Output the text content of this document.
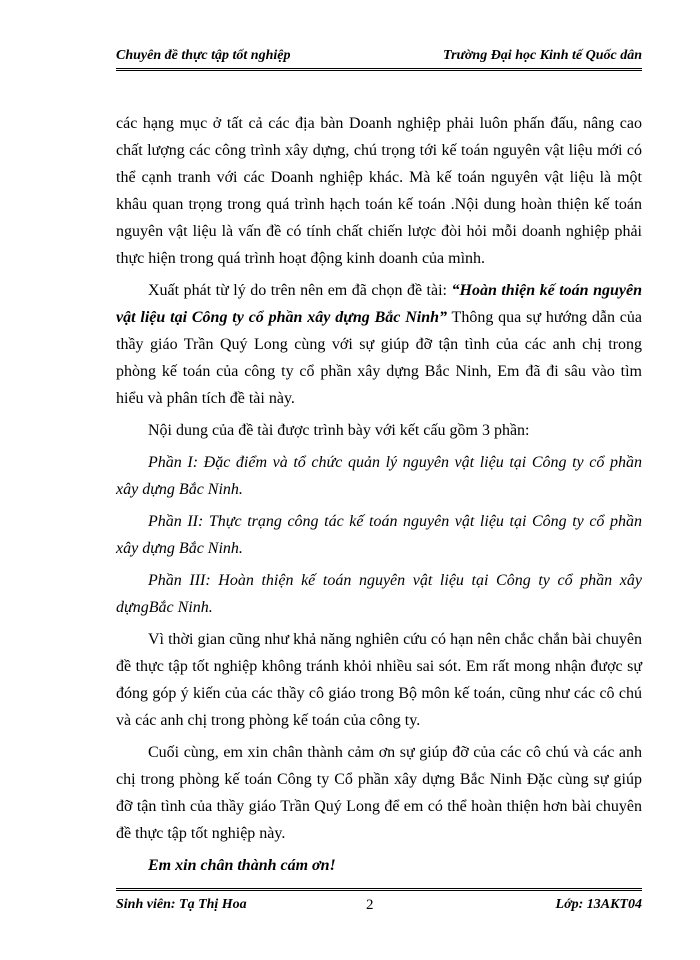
Chuyên đề thực tập tốt nghiệp	Trường Đại học Kinh tế Quốc dân

các hạng mục ở tất cả các địa bàn Doanh nghiệp phải luôn phấn đấu, nâng cao chất lượng các công trình xây dựng, chú trọng tới kế toán nguyên vật liệu mới có thể cạnh tranh với các Doanh nghiệp khác. Mà kế toán nguyên vật liệu là một khâu quan trọng trong quá trình hạch toán kế toán .Nội dung hoàn thiện kế toán nguyên vật liệu là vấn đề có tính chất chiến lược đòi hỏi mỗi doanh nghiệp phải thực hiện trong quá trình hoạt động kinh doanh của mình.

Xuất phát từ lý do trên nên em đã chọn đề tài: “Hoàn thiện kế toán nguyên vật liệu tại Công ty cổ phần xây dựng Bắc Ninh” Thông qua sự hướng dẫn của thầy giáo Trần Quý Long cùng với sự giúp đỡ tận tình của các anh chị trong phòng kế toán của công ty cổ phần xây dựng Bắc Ninh, Em đã đi sâu vào tìm hiểu và phân tích đề tài này.

Nội dung của đề tài được trình bày với kết cấu gồm 3 phần:

Phần I: Đặc điểm và tổ chức quản lý nguyên vật liệu tại Công ty cổ phần xây dựng Bắc Ninh.

Phần II: Thực trạng công tác kế toán nguyên vật liệu tại Công ty cổ phần xây dựng Bắc Ninh.

Phần III: Hoàn thiện kế toán nguyên vật liệu tại Công ty cổ phần xây dựngBắc Ninh.

Vì thời gian cũng như khả năng nghiên cứu có hạn nên chắc chắn bài chuyên đề thực tập tốt nghiệp không tránh khỏi nhiều sai sót. Em rất mong nhận được sự đóng góp ý kiến của các thầy cô giáo trong Bộ môn kế toán, cũng như các cô chú và các anh chị trong phòng kế toán của công ty.

Cuối cùng, em xin chân thành cảm ơn sự giúp đỡ của các cô chú và các anh chị trong phòng kế toán Công ty Cổ phần xây dựng Bắc Ninh Đặc cùng sự giúp đỡ tận tình của thầy giáo Trần Quý Long để em có thể hoàn thiện hơn bài chuyên đề thực tập tốt nghiệp này.

Em xin chân thành cám ơn!

Sinh viên: Tạ Thị Hoa	2	Lớp: 13AKT04
